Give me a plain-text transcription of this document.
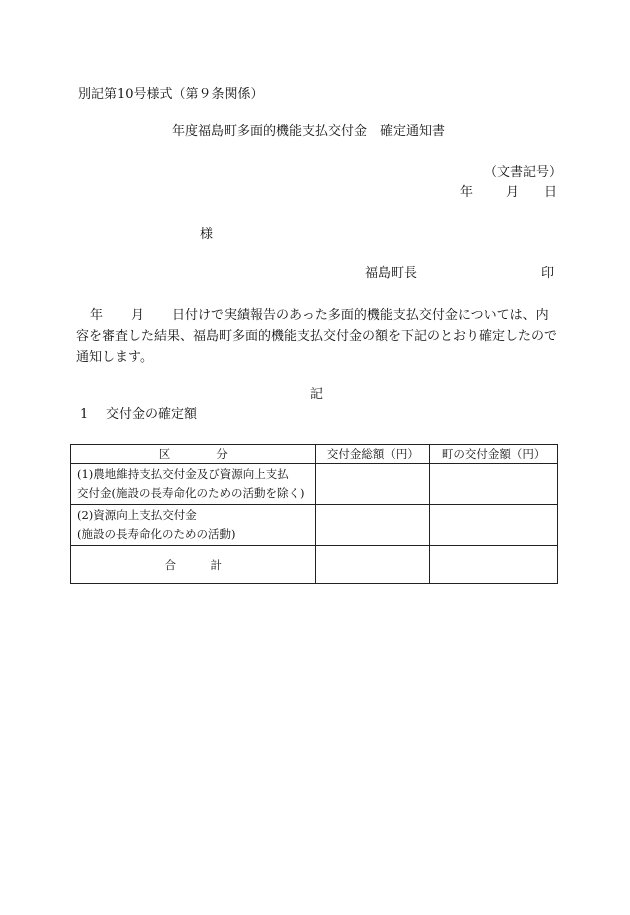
別記第10号様式（第９条関係）
年度福島町多面的機能支払交付金　確定通知書
（文書記号）
年	月 日
様
福島町長	印
年 月 日付けで実績報告のあった多面的機能支払交付金については、内容を審査した結果、福島町多面的機能支払交付金の額を下記のとおり確定したので通知します。
記
1 交付金の確定額
区　　　　分	交付金総額（円）	町の交付金額（円）
(1)農地維持支払交付金及び資源向上支払
交付金(施設の長寿命化のための活動を除く)		

(2)資源向上支払交付金
(施設の長寿命化のための活動)		

合　　　計		
